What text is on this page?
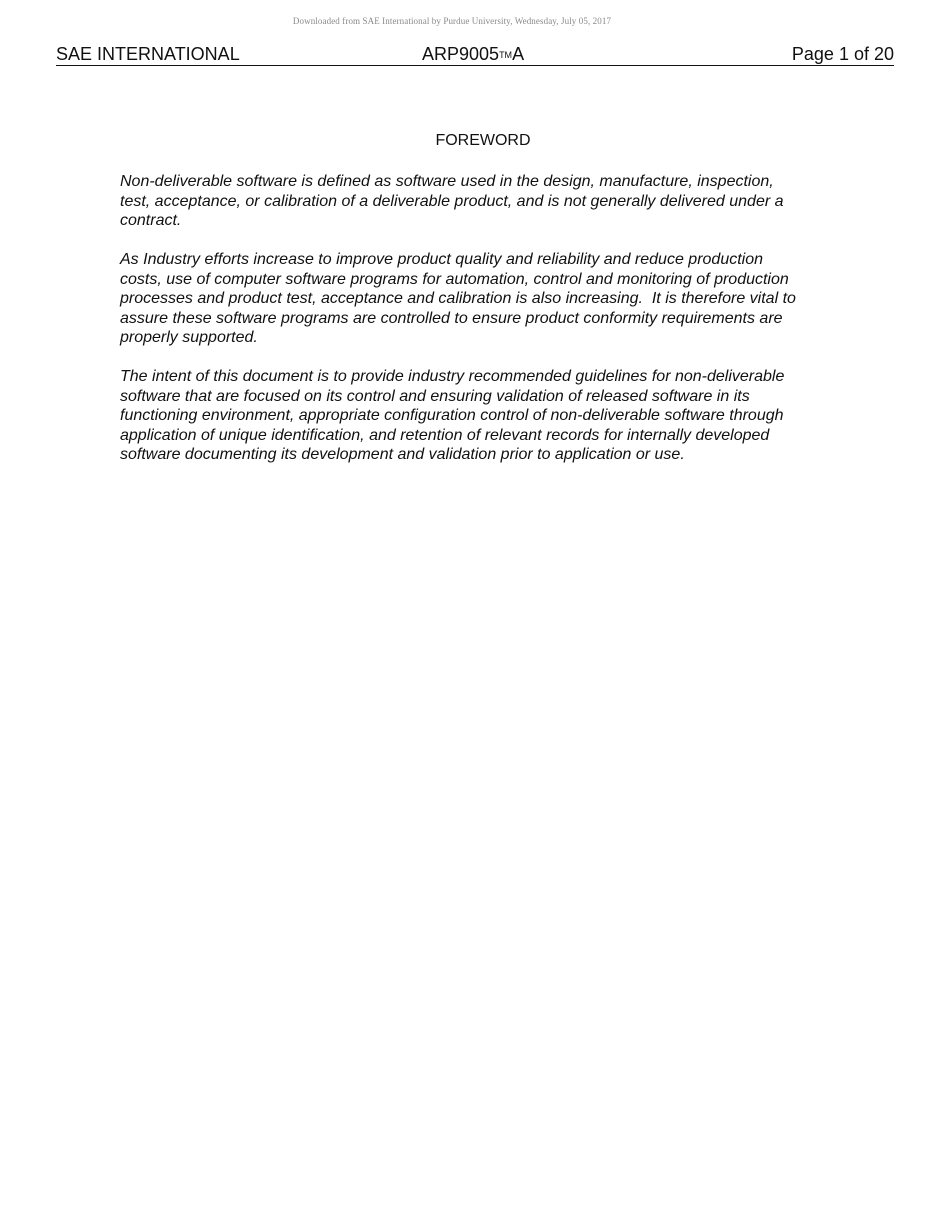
Downloaded from SAE International by Purdue University, Wednesday, July 05, 2017
SAE INTERNATIONAL	ARP9005TMA	Page 1 of 20
FOREWORD

Non-deliverable software is defined as software used in the design, manufacture, inspection,
test, acceptance, or calibration of a deliverable product, and is not generally delivered under a
contract.

As Industry efforts increase to improve product quality and reliability and reduce production
costs, use of computer software programs for automation, control and monitoring of production
processes and product test, acceptance and calibration is also increasing.  It is therefore vital to
assure these software programs are controlled to ensure product conformity requirements are
properly supported.

The intent of this document is to provide industry recommended guidelines for non-deliverable
software that are focused on its control and ensuring validation of released software in its
functioning environment, appropriate configuration control of non-deliverable software through
application of unique identification, and retention of relevant records for internally developed
software documenting its development and validation prior to application or use.
